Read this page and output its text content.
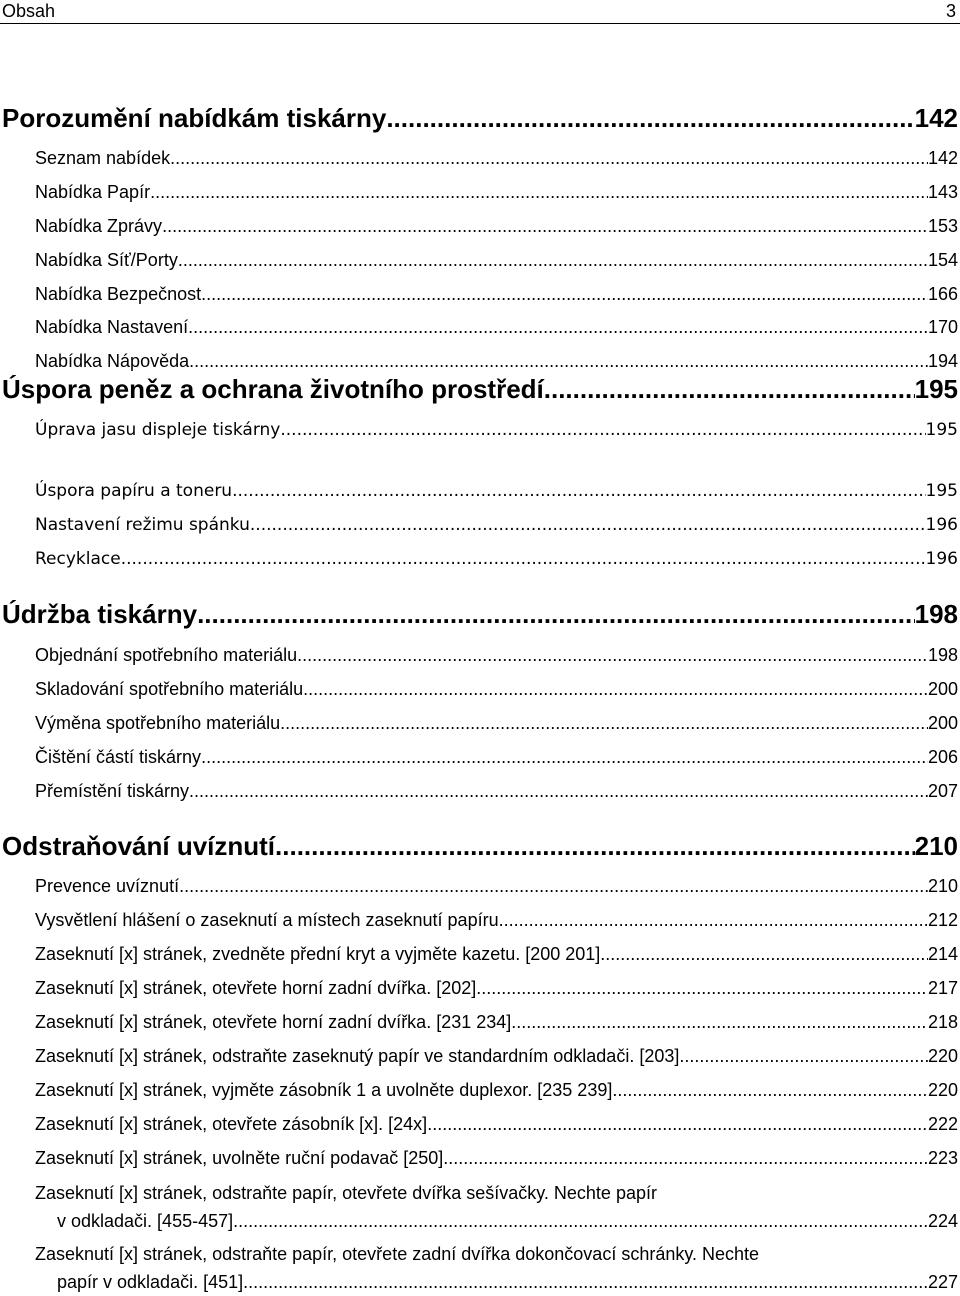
Obsah	3
Porozumění nabídkám tiskárny .....	142
Seznam nabídek .....	142
Nabídka Papír .....	143
Nabídka Zprávy .....	153
Nabídka Síť/Porty .....	154
Nabídka Bezpečnost .....	166
Nabídka Nastavení .....	170
Nabídka Nápověda .....	194
Úspora peněz a ochrana životního prostředí .....	195
Úprava jasu displeje tiskárny .....	195
Úspora papíru a toneru .....	195
Nastavení režimu spánku .....	196
Recyklace .....	196
Údržba tiskárny .....	198
Objednání spotřebního materiálu .....	198
Skladování spotřebního materiálu .....	200
Výměna spotřebního materiálu .....	200
Čištění částí tiskárny .....	206
Přemístění tiskárny .....	207
Odstraňování uvíznutí .....	210
Prevence uvíznutí .....	210
Vysvětlení hlášení o zaseknutí a místech zaseknutí papíru .....	212
Zaseknutí [x] stránek, zvedněte přední kryt a vyjměte kazetu. [200 201] .....	214
Zaseknutí [x] stránek, otevřete horní zadní dvířka. [202] .....	217
Zaseknutí [x] stránek, otevřete horní zadní dvířka. [231 234] .....	218
Zaseknutí [x] stránek, odstraňte zaseknutý papír ve standardním odkladači. [203] .....	220
Zaseknutí [x] stránek, vyjměte zásobník 1 a uvolněte duplexor. [235 239] .....	220
Zaseknutí [x] stránek, otevřete zásobník [x]. [24x] .....	222
Zaseknutí [x] stránek, uvolněte ruční podavač [250] .....	223
Zaseknutí [x] stránek, odstraňte papír, otevřete dvířka sešívačky. Nechte papír
v odkladači. [455-457] .....	224
Zaseknutí [x] stránek, odstraňte papír, otevřete zadní dvířka dokončovací schránky. Nechte
papír v odkladači. [451] .....	227
